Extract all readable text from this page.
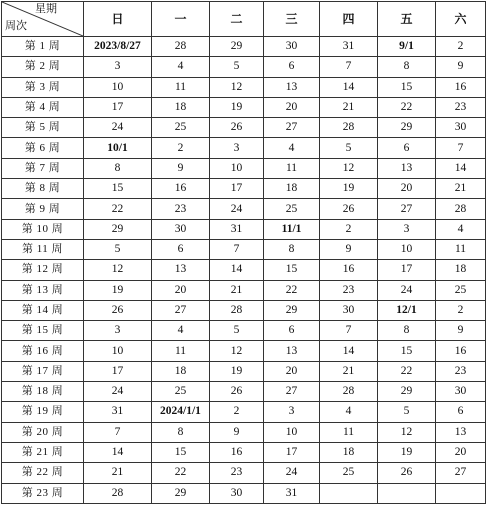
星期
周次	日	一	二	三	四	五	六
第 1 周	2023/8/27	28	29	30	31	9/1	2
第 2 周	3	4	5	6	7	8	9
第 3 周	10	11	12	13	14	15	16
第 4 周	17	18	19	20	21	22	23
第 5 周	24	25	26	27	28	29	30
第 6 周	10/1	2	3	4	5	6	7
第 7 周	8	9	10	11	12	13	14
第 8 周	15	16	17	18	19	20	21
第 9 周	22	23	24	25	26	27	28
第 10 周	29	30	31	11/1	2	3	4
第 11 周	5	6	7	8	9	10	11
第 12 周	12	13	14	15	16	17	18
第 13 周	19	20	21	22	23	24	25
第 14 周	26	27	28	29	30	12/1	2
第 15 周	3	4	5	6	7	8	9
第 16 周	10	11	12	13	14	15	16
第 17 周	17	18	19	20	21	22	23
第 18 周	24	25	26	27	28	29	30
第 19 周	31	2024/1/1	2	3	4	5	6
第 20 周	7	8	9	10	11	12	13
第 21 周	14	15	16	17	18	19	20
第 22 周	21	22	23	24	25	26	27
第 23 周	28	29	30	31			
